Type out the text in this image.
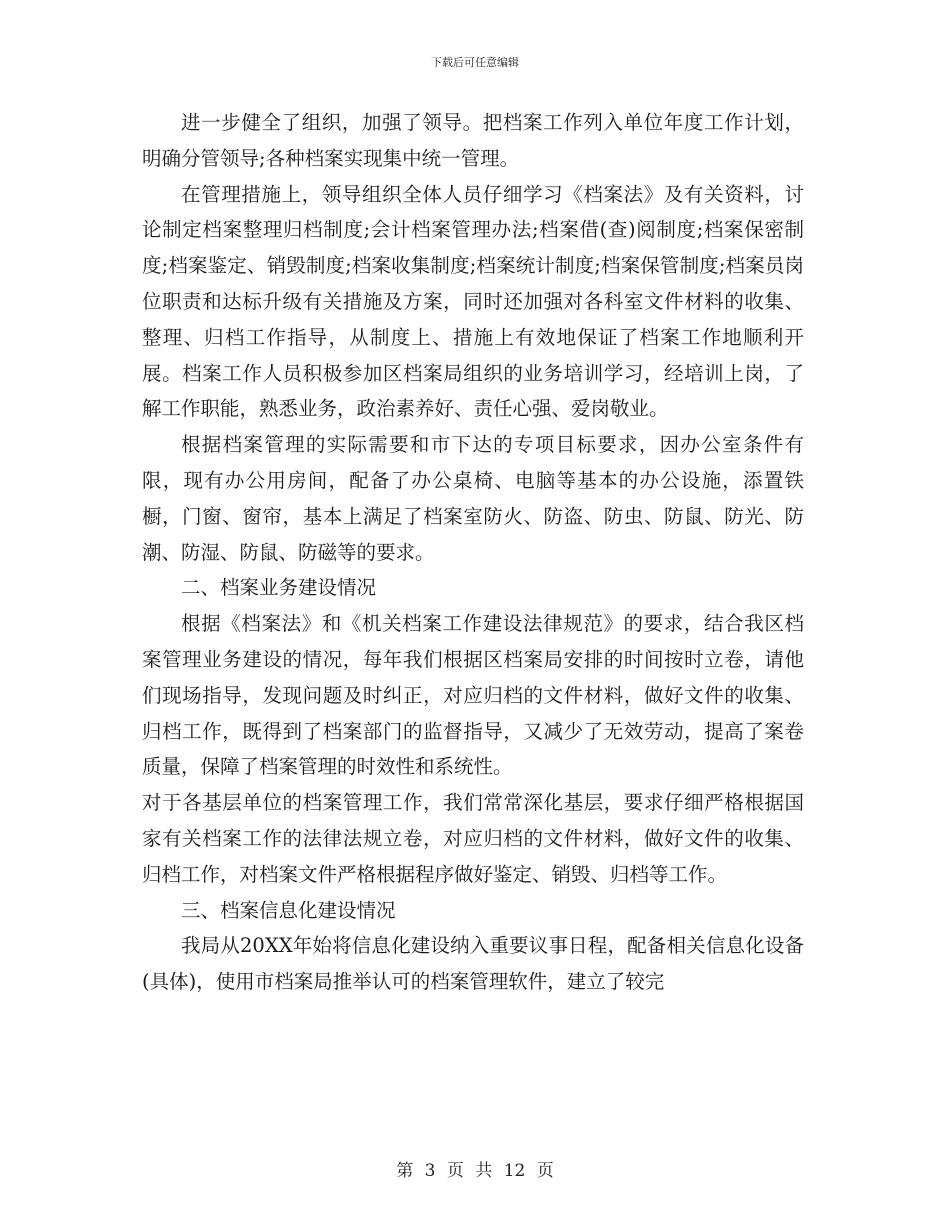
下载后可任意编辑

进一步健全了组织，加强了领导。把档案工作列入单位年度工作计划，明确分管领导;各种档案实现集中统一管理。

在管理措施上，领导组织全体人员仔细学习《档案法》及有关资料，讨论制定档案整理归档制度;会计档案管理办法;档案借(查)阅制度;档案保密制度;档案鉴定、销毁制度;档案收集制度;档案统计制度;档案保管制度;档案员岗位职责和达标升级有关措施及方案，同时还加强对各科室文件材料的收集、整理、归档工作指导，从制度上、措施上有效地保证了档案工作地顺利开展。档案工作人员积极参加区档案局组织的业务培训学习，经培训上岗，了解工作职能，熟悉业务，政治素养好、责任心强、爱岗敬业。

根据档案管理的实际需要和市下达的专项目标要求，因办公室条件有限，现有办公用房间，配备了办公桌椅、电脑等基本的办公设施，添置铁橱，门窗、窗帘，基本上满足了档案室防火、防盗、防虫、防鼠、防光、防潮、防湿、防鼠、防磁等的要求。

二、档案业务建设情况

根据《档案法》和《机关档案工作建设法律规范》的要求，结合我区档案管理业务建设的情况，每年我们根据区档案局安排的时间按时立卷，请他们现场指导，发现问题及时纠正，对应归档的文件材料，做好文件的收集、归档工作，既得到了档案部门的监督指导，又减少了无效劳动，提高了案卷质量，保障了档案管理的时效性和系统性。

对于各基层单位的档案管理工作，我们常常深化基层，要求仔细严格根据国家有关档案工作的法律法规立卷，对应归档的文件材料，做好文件的收集、归档工作，对档案文件严格根据程序做好鉴定、销毁、归档等工作。

三、档案信息化建设情况

我局从20XX年始将信息化建设纳入重要议事日程，配备相关信息化设备(具体)，使用市档案局推举认可的档案管理软件，建立了较完

第 3 页 共 12 页
